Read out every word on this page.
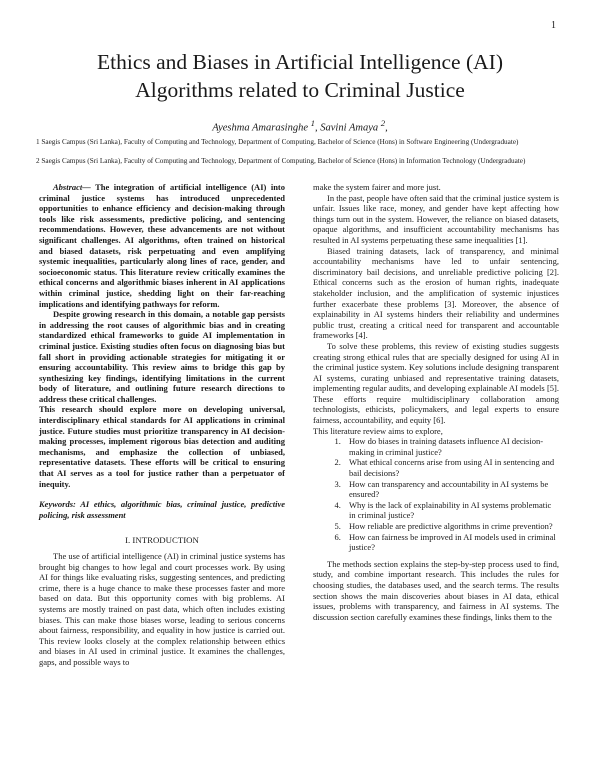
1
Ethics and Biases in Artificial Intelligence (AI)
Algorithms related to Criminal Justice
Ayeshma Amarasinghe $^1$, Savini Amaya $^2$,
1 Saegis Campus (Sri Lanka), Faculty of Computing and Technology, Department of Computing, Bachelor of Science (Hons) in Software Engineering (Undergraduate)
2 Saegis Campus (Sri Lanka), Faculty of Computing and Technology, Department of Computing, Bachelor of Science (Hons) in Information Technology (Undergraduate)

Abstract— The integration of artificial intelligence (AI) into criminal justice systems has introduced unprecedented opportunities to enhance efficiency and decision-making through tools like risk assessments, predictive policing, and sentencing recommendations. However, these advancements are not without significant challenges. AI algorithms, often trained on historical and biased datasets, risk perpetuating and even amplifying systemic inequalities, particularly along lines of race, gender, and socioeconomic status. This literature review critically examines the ethical concerns and algorithmic biases inherent in AI applications within criminal justice, shedding light on their far-reaching implications and identifying pathways for reform.

Despite growing research in this domain, a notable gap persists in addressing the root causes of algorithmic bias and in creating standardized ethical frameworks to guide AI implementation in criminal justice. Existing studies often focus on diagnosing bias but fall short in providing actionable strategies for mitigating it or ensuring accountability. This review aims to bridge this gap by synthesizing key findings, identifying limitations in the current body of literature, and outlining future research directions to address these critical challenges.

This research should explore more on developing universal, interdisciplinary ethical standards for AI applications in criminal justice. Future studies must prioritize transparency in AI decision-making processes, implement rigorous bias detection and auditing mechanisms, and emphasize the collection of unbiased, representative datasets. These efforts will be critical to ensuring that AI serves as a tool for justice rather than a perpetuator of inequity.

Keywords: AI ethics, algorithmic bias, criminal justice, predictive policing, risk assessment

I. INTRODUCTION

The use of artificial intelligence (AI) in criminal justice systems has brought big changes to how legal and court processes work. By using AI for things like evaluating risks, suggesting sentences, and predicting crime, there is a huge chance to make these processes faster and more based on data. But this opportunity comes with big problems. AI systems are mostly trained on past data, which often includes existing biases. This can make those biases worse, leading to serious concerns about fairness, responsibility, and equality in how justice is carried out. This review looks closely at the complex relationship between ethics and biases in AI used in criminal justice. It examines the challenges, gaps, and possible ways to

make the system fairer and more just.

In the past, people have often said that the criminal justice system is unfair. Issues like race, money, and gender have kept affecting how things turn out in the system. However, the reliance on biased datasets, opaque algorithms, and insufficient accountability mechanisms has resulted in AI systems perpetuating these same inequalities [1].

Biased training datasets, lack of transparency, and minimal accountability mechanisms have led to unfair sentencing, discriminatory bail decisions, and unreliable predictive policing [2]. Ethical concerns such as the erosion of human rights, inadequate stakeholder inclusion, and the amplification of systemic injustices further exacerbate these problems [3]. Moreover, the absence of explainability in AI systems hinders their reliability and undermines public trust, creating a critical need for transparent and accountable frameworks [4].

To solve these problems, this review of existing studies suggests creating strong ethical rules that are specially designed for using AI in the criminal justice system. Key solutions include designing transparent AI systems, curating unbiased and representative training datasets, implementing regular audits, and developing explainable AI models [5]. These efforts require multidisciplinary collaboration among technologists, ethicists, policymakers, and legal experts to ensure fairness, accountability, and equity [6].

This literature review aims to explore,

1. How do biases in training datasets influence AI decision-making in criminal justice?
2. What ethical concerns arise from using AI in sentencing and bail decisions?
3. How can transparency and accountability in AI systems be ensured?
4. Why is the lack of explainability in AI systems problematic in criminal justice?
5. How reliable are predictive algorithms in crime prevention?
6. How can fairness be improved in AI models used in criminal justice?

The methods section explains the step-by-step process used to find, study, and combine important research. This includes the rules for choosing studies, the databases used, and the search terms. The results section shows the main discoveries about biases in AI data, ethical issues, problems with transparency, and fairness in AI systems. The discussion section carefully examines these findings, links them to the
